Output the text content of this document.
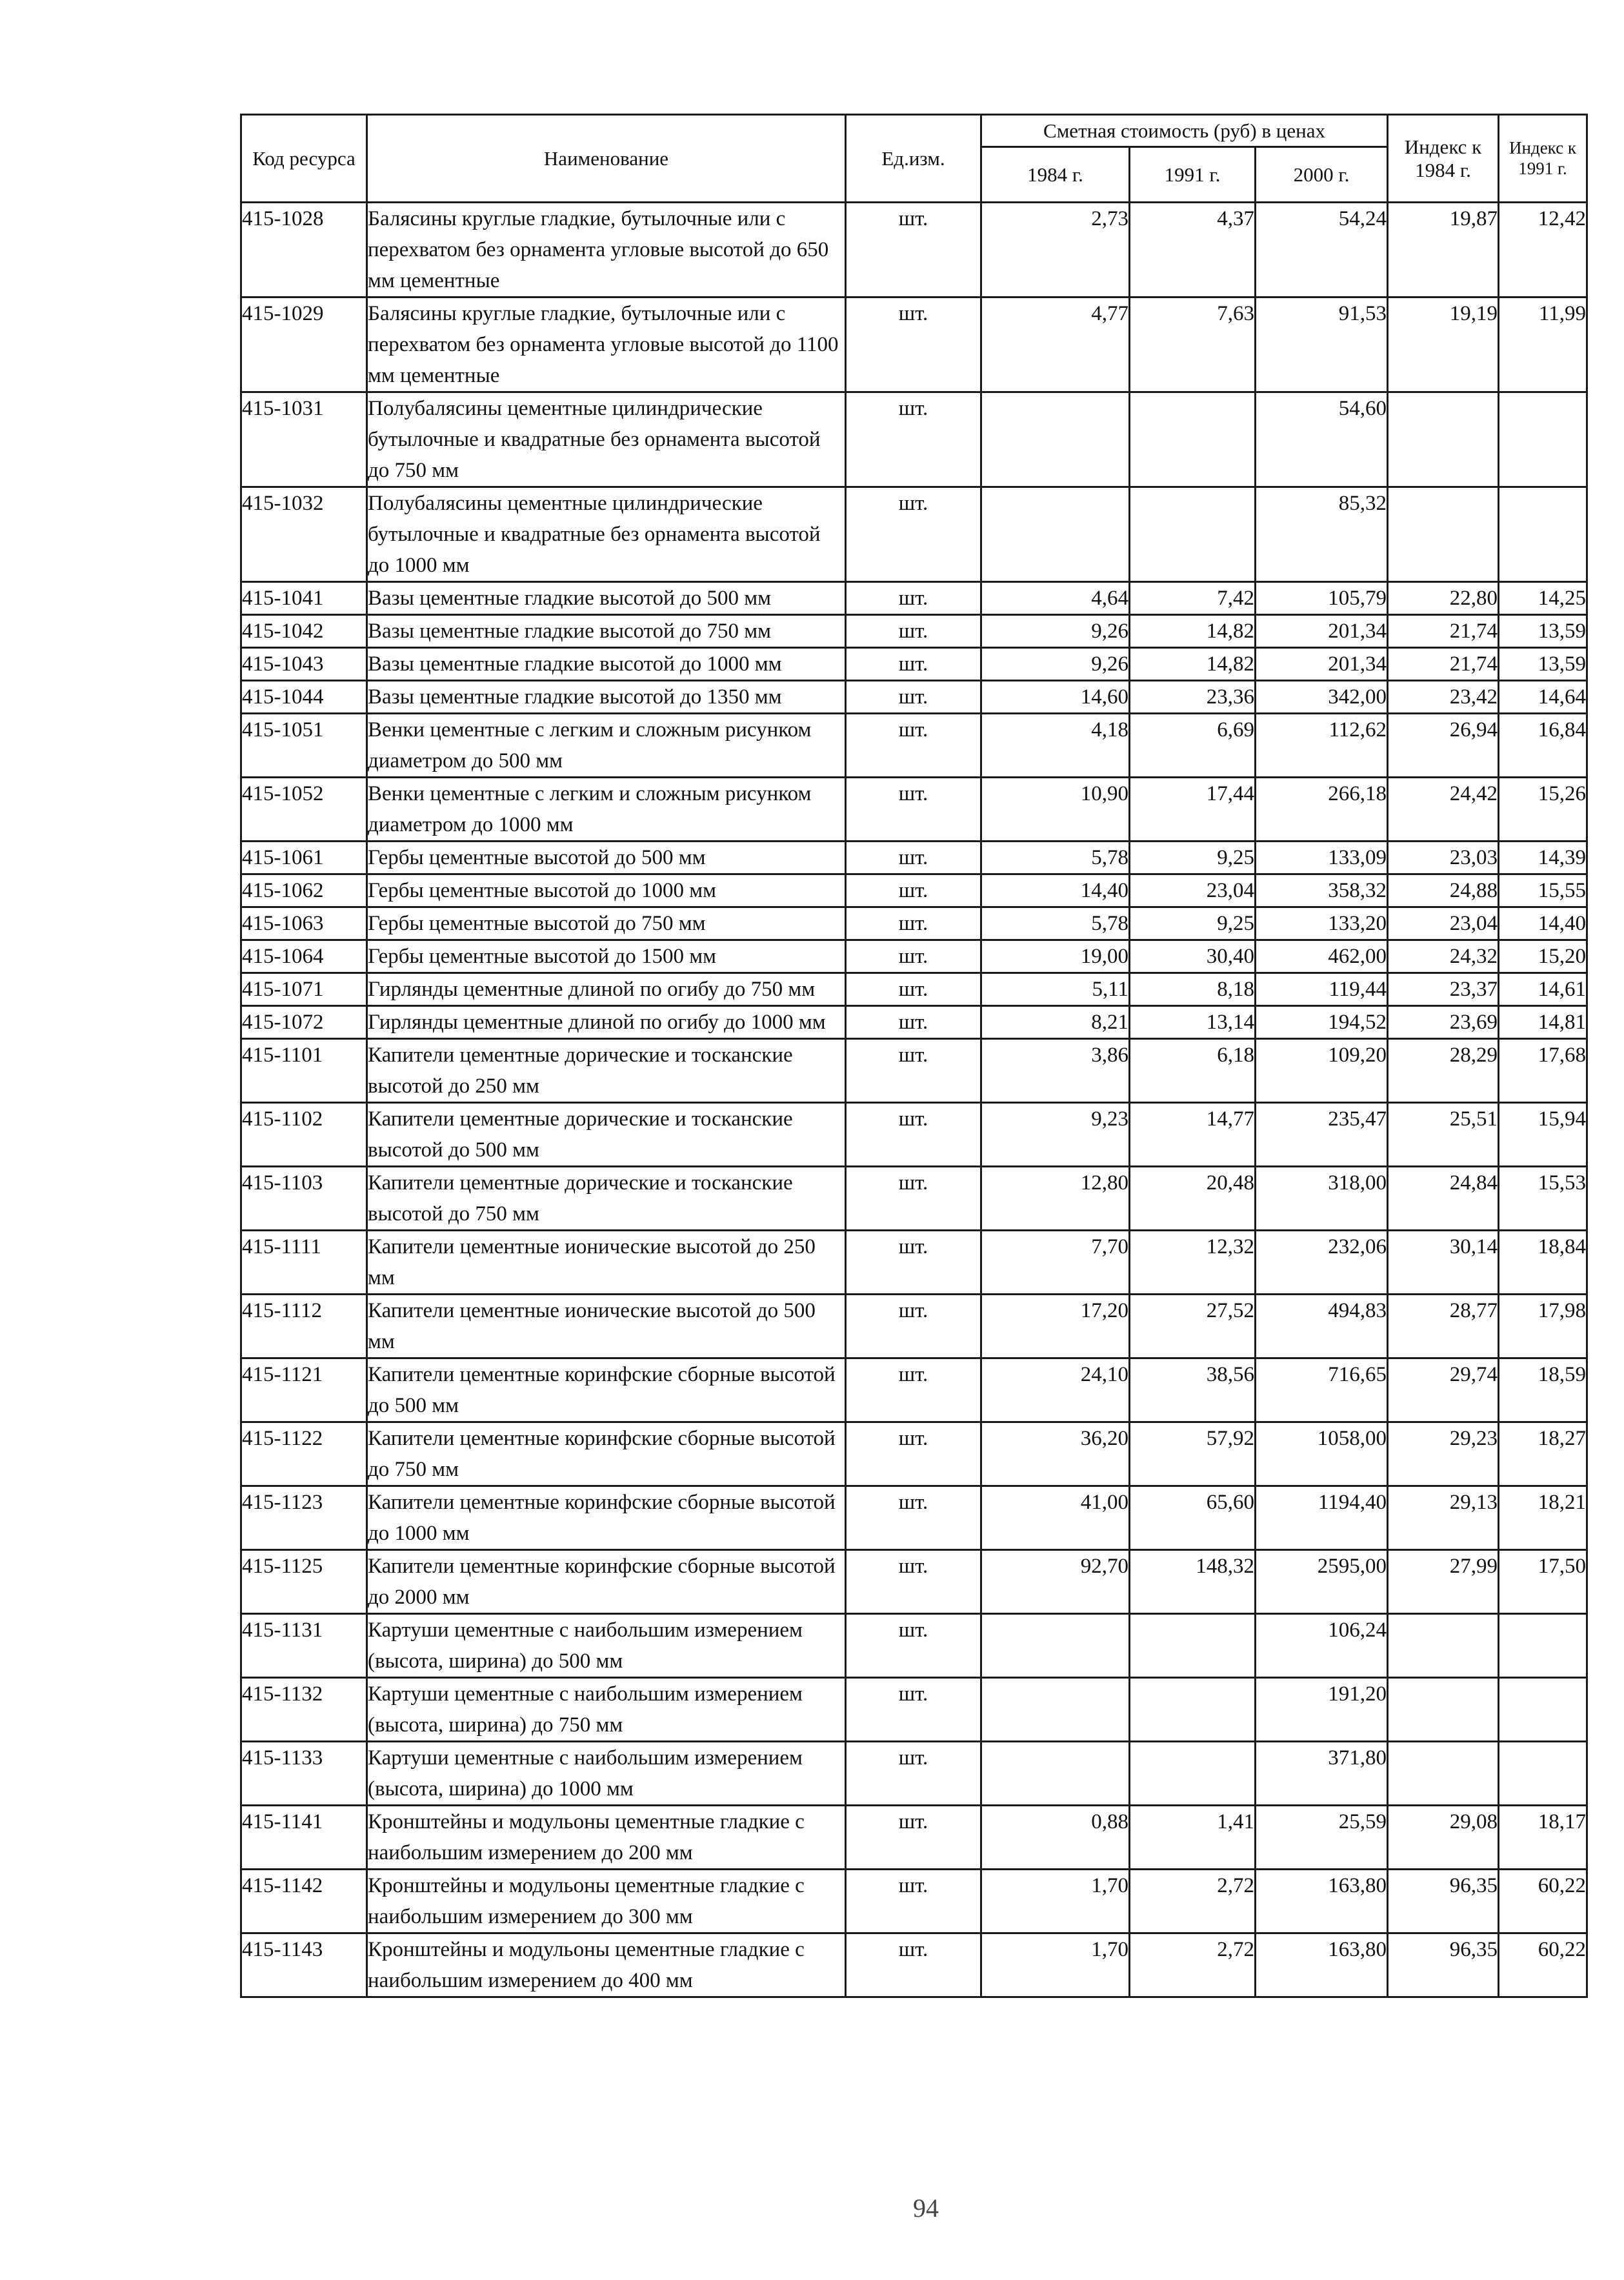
Код ресурса	Наименование	Ед.изм.	Сметная стоимость (руб) в ценах			Индекс к 1984 г.	Индекс к 1991 г.
			1984 г.	1991 г.	2000 г.		
415-1028	Балясины круглые гладкие, бутылочные или с перехватом без орнамента угловые высотой до 650 мм цементные	шт.	2,73	4,37	54,24	19,87	12,42
415-1029	Балясины круглые гладкие, бутылочные или с перехватом без орнамента угловые высотой до 1100 мм цементные	шт.	4,77	7,63	91,53	19,19	11,99
415-1031	Полубалясины цементные цилиндрические бутылочные и квадратные без орнамента высотой до 750 мм	шт.			54,60		
415-1032	Полубалясины цементные цилиндрические бутылочные и квадратные без орнамента высотой до 1000 мм	шт.			85,32		
415-1041	Вазы цементные гладкие высотой до 500 мм	шт.	4,64	7,42	105,79	22,80	14,25
415-1042	Вазы цементные гладкие высотой до 750 мм	шт.	9,26	14,82	201,34	21,74	13,59
415-1043	Вазы цементные гладкие высотой до 1000 мм	шт.	9,26	14,82	201,34	21,74	13,59
415-1044	Вазы цементные гладкие высотой до 1350 мм	шт.	14,60	23,36	342,00	23,42	14,64
415-1051	Венки цементные с легким и сложным рисунком диаметром до 500 мм	шт.	4,18	6,69	112,62	26,94	16,84
415-1052	Венки цементные с легким и сложным рисунком диаметром до 1000 мм	шт.	10,90	17,44	266,18	24,42	15,26
415-1061	Гербы цементные высотой до 500 мм	шт.	5,78	9,25	133,09	23,03	14,39
415-1062	Гербы цементные высотой до 1000 мм	шт.	14,40	23,04	358,32	24,88	15,55
415-1063	Гербы цементные высотой до 750 мм	шт.	5,78	9,25	133,20	23,04	14,40
415-1064	Гербы цементные высотой до 1500 мм	шт.	19,00	30,40	462,00	24,32	15,20
415-1071	Гирлянды цементные длиной по огибу до 750 мм	шт.	5,11	8,18	119,44	23,37	14,61
415-1072	Гирлянды цементные длиной по огибу до 1000 мм	шт.	8,21	13,14	194,52	23,69	14,81
415-1101	Капители цементные дорические и тосканские высотой до 250 мм	шт.	3,86	6,18	109,20	28,29	17,68
415-1102	Капители цементные дорические и тосканские высотой до 500 мм	шт.	9,23	14,77	235,47	25,51	15,94
415-1103	Капители цементные дорические и тосканские высотой до 750 мм	шт.	12,80	20,48	318,00	24,84	15,53
415-1111	Капители цементные ионические высотой до 250 мм	шт.	7,70	12,32	232,06	30,14	18,84
415-1112	Капители цементные ионические высотой до 500 мм	шт.	17,20	27,52	494,83	28,77	17,98
415-1121	Капители цементные коринфские сборные высотой до 500 мм	шт.	24,10	38,56	716,65	29,74	18,59
415-1122	Капители цементные коринфские сборные высотой до 750 мм	шт.	36,20	57,92	1058,00	29,23	18,27
415-1123	Капители цементные коринфские сборные высотой до 1000 мм	шт.	41,00	65,60	1194,40	29,13	18,21
415-1125	Капители цементные коринфские сборные высотой до 2000 мм	шт.	92,70	148,32	2595,00	27,99	17,50
415-1131	Картуши цементные с наибольшим измерением (высота, ширина) до 500 мм	шт.			106,24		
415-1132	Картуши цементные с наибольшим измерением (высота, ширина) до 750 мм	шт.			191,20		
415-1133	Картуши цементные с наибольшим измерением (высота, ширина) до 1000 мм	шт.			371,80		
415-1141	Кронштейны и модульоны цементные гладкие с наибольшим измерением до 200 мм	шт.	0,88	1,41	25,59	29,08	18,17
415-1142	Кронштейны и модульоны цементные гладкие с наибольшим измерением до 300 мм	шт.	1,70	2,72	163,80	96,35	60,22
415-1143	Кронштейны и модульоны цементные гладкие с наибольшим измерением до 400 мм	шт.	1,70	2,72	163,80	96,35	60,22
94
